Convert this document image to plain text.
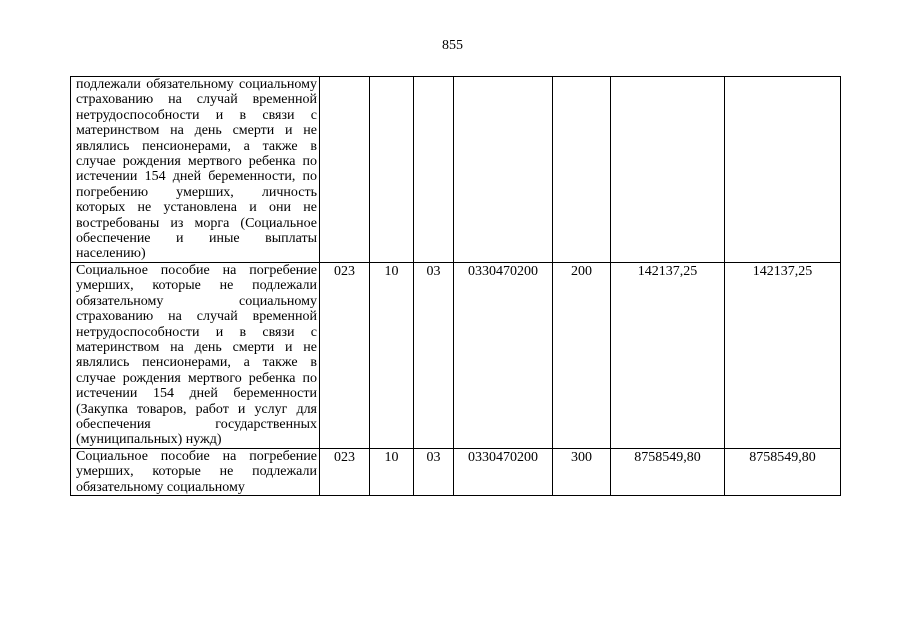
855
подлежали обязательному социальному страхованию на случай временной нетрудоспособности и в связи с материнством на день смерти и не являлись пенсионерами, а также в случае рождения мертвого ребенка по истечении 154 дней беременности, по погребению умерших, личность которых не установлена и они не востребованы из морга (Социальное обеспечение и иные выплаты населению)							
Социальное пособие на погребение умерших, которые не подлежали обязательному социальному страхованию на случай временной нетрудоспособности и в связи с материнством на день смерти и не являлись пенсионерами, а также в случае рождения мертвого ребенка по истечении 154 дней беременности (Закупка товаров, работ и услуг для обеспечения государственных (муниципальных) нужд)	023	10	03	0330470200	200	142137,25	142137,25
Социальное пособие на погребение умерших, которые не подлежали обязательному социальному	023	10	03	0330470200	300	8758549,80	8758549,80
